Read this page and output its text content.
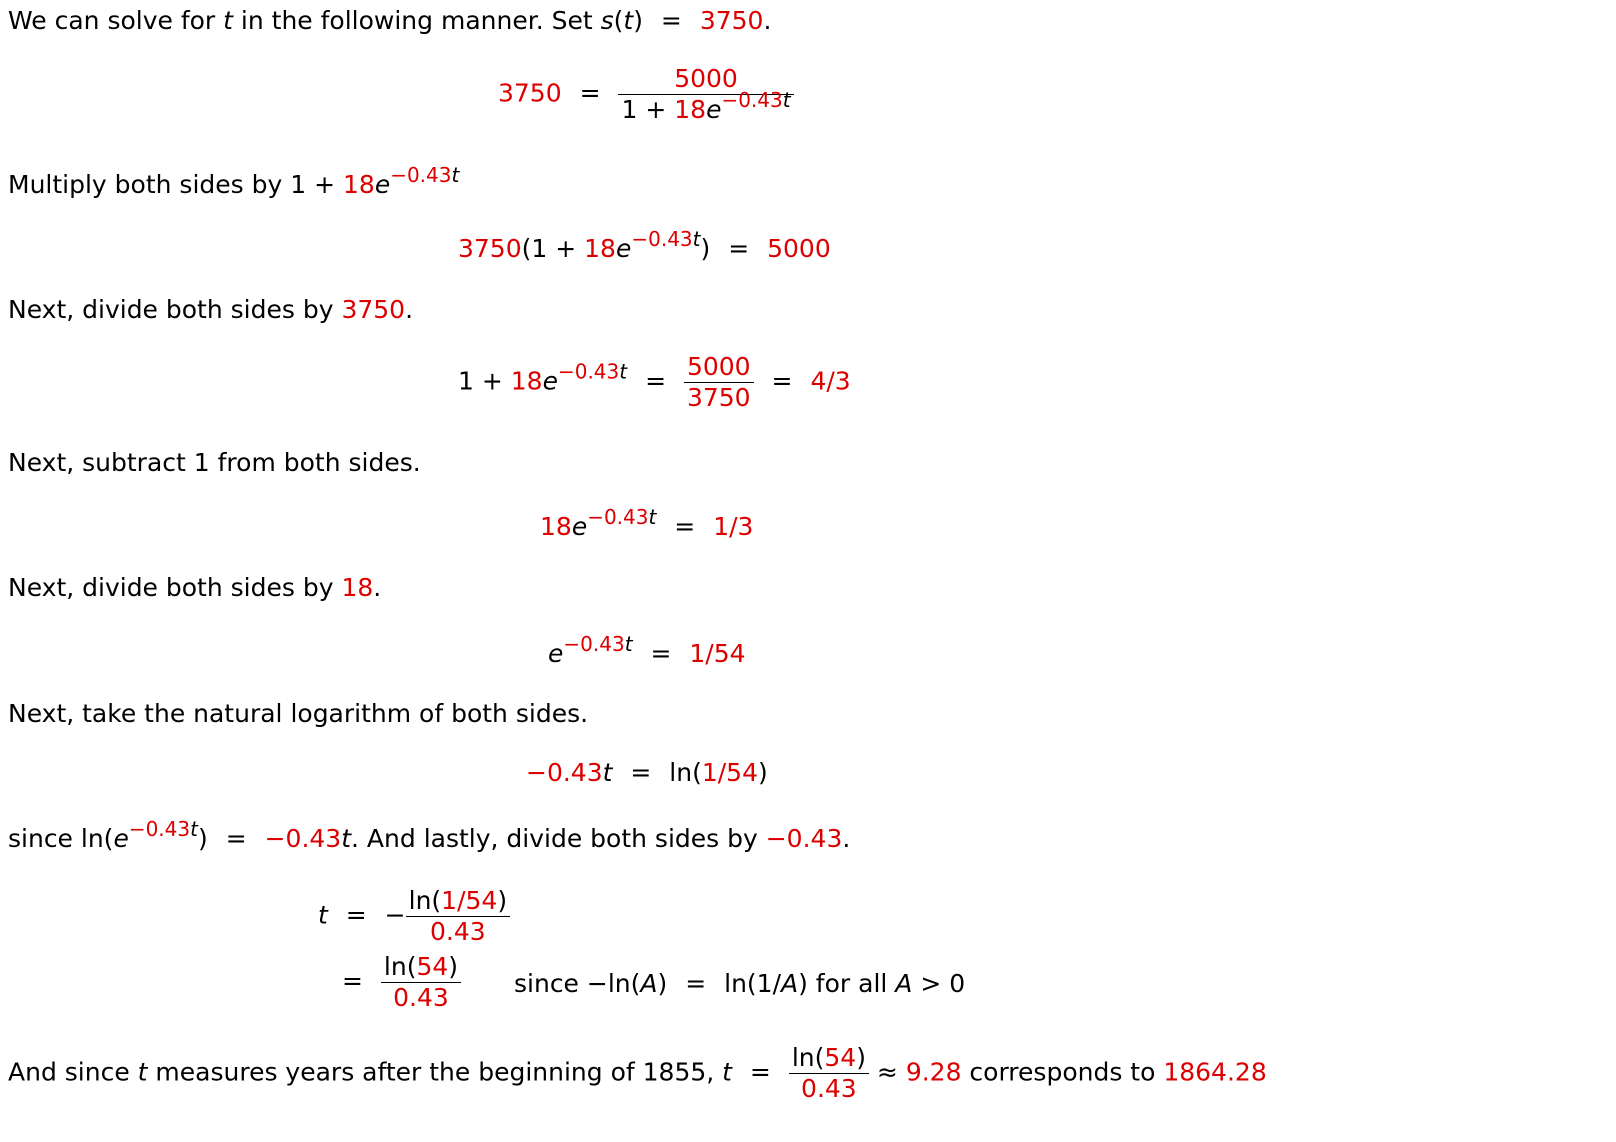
We can solve for t in the following manner. Set s(t) = 3750.
$3750 = \frac{5000}{1 + 18e^{-0.43t}}$
Multiply both sides by $1 + 18e^{-0.43t}$
$3750(1 + 18e^{-0.43t}) = 5000$
Next, divide both sides by 3750.
$1 + 18e^{-0.43t} = \frac{5000}{3750} = 4/3$
Next, subtract 1 from both sides.
$18e^{-0.43t} = 1/3$
Next, divide both sides by 18.
$e^{-0.43t} = 1/54$
Next, take the natural logarithm of both sides.
−0.43t = ln(1/54)
since $\ln(e^{-0.43t}) = -0.43t$. And lastly, divide both sides by −0.43.
t = − $\frac{\ln(1/54)}{0.43}$
= $\frac{\ln(54)}{0.43}$ since −ln(A) = ln(1/A) for all A > 0
And since t measures years after the beginning of 1855, $t = \frac{\ln(54)}{0.43} \approx 9.28$ corresponds to 1864.28
